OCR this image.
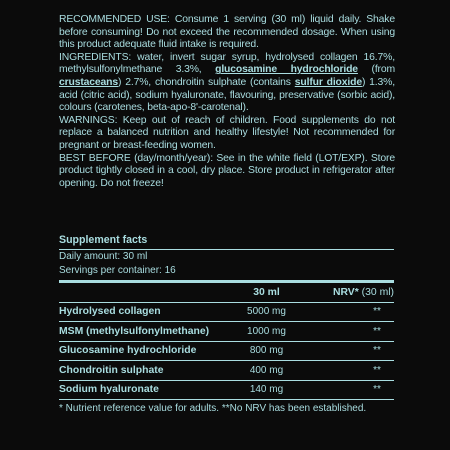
RECOMMENDED USE: Consume 1 serving (30 ml) liquid daily. Shake before consuming! Do not exceed the recommended dosage. When using this product adequate fluid intake is required.

INGREDIENTS: water, invert sugar syrup, hydrolysed collagen 16.7%, methylsulfonylmethane 3.3%, glucosamine hydrochloride (from crustaceans) 2.7%, chondroitin sulphate (contains sulfur dioxide) 1.3%, acid (citric acid), sodium hyaluronate, flavouring, preservative (sorbic acid), colours (carotenes, beta-apo-8'-carotenal).

WARNINGS: Keep out of reach of children. Food supplements do not replace a balanced nutrition and healthy lifestyle! Not recommended for pregnant or breast-feeding women.

BEST BEFORE (day/month/year): See in the white field (LOT/EXP). Store product tightly closed in a cool, dry place. Store product in refrigerator after opening. Do not freeze!

Supplement facts
Daily amount: 30 ml
Servings per container: 16
	30 ml	NRV* (30 ml)
Hydrolysed collagen	5000 mg	**
MSM (methylsulfonylmethane)	1000 mg	**
Glucosamine hydrochloride	800 mg	**
Chondroitin sulphate	400 mg	**
Sodium hyaluronate	140 mg	**
* Nutrient reference value for adults. **No NRV has been established.
